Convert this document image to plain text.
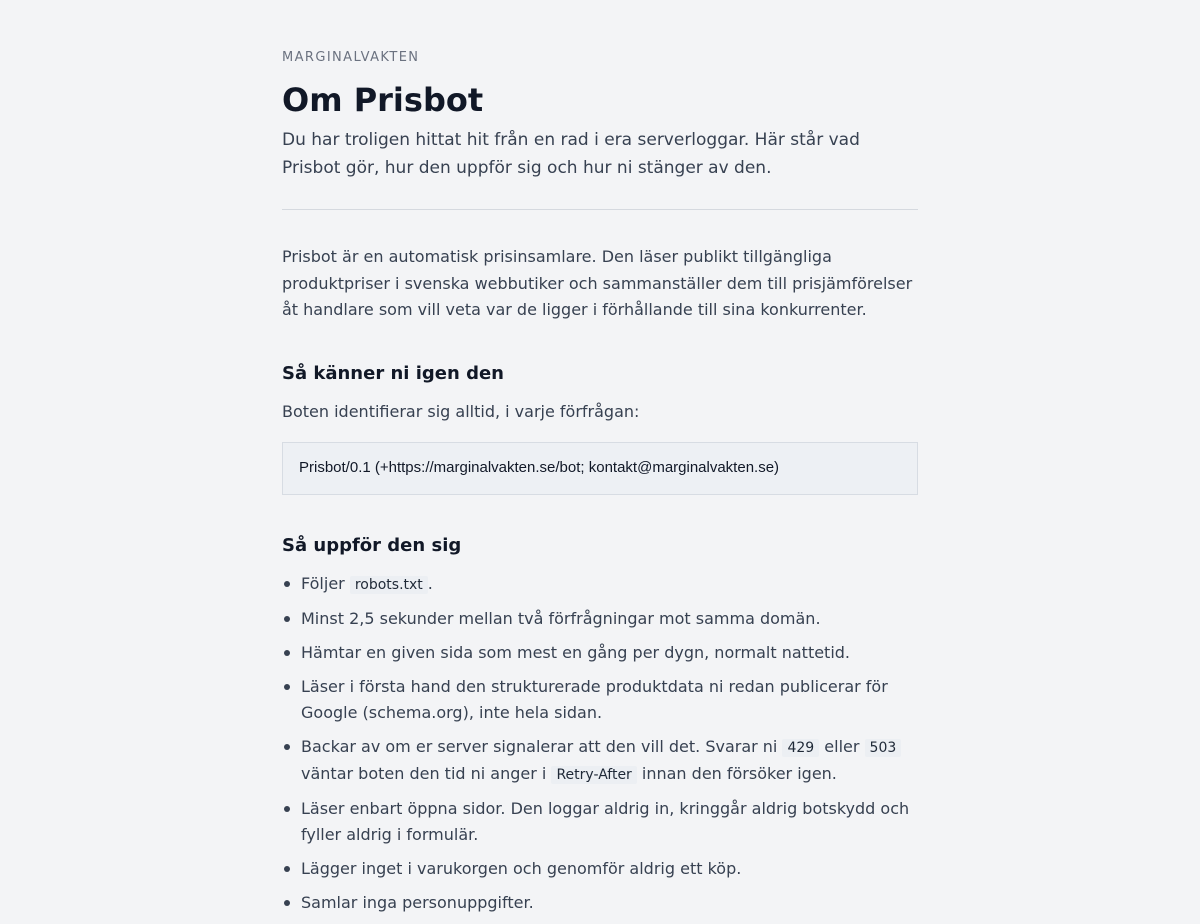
MARGINALVAKTEN
Om Prisbot

Du har troligen hittat hit från en rad i era serverloggar. Här står vad Prisbot gör, hur den uppför sig och hur ni stänger av den.

Prisbot är en automatisk prisinsamlare. Den läser publikt tillgängliga produktpriser i svenska webbutiker och sammanställer dem till prisjämförelser åt handlare som vill veta var de ligger i förhållande till sina konkurrenter.

Så känner ni igen den

Boten identifierar sig alltid, i varje förfrågan:

Prisbot/0.1 (+https://marginalvakten.se/bot; kontakt@marginalvakten.se)
Så uppför den sig
Följer robots.txt .
Minst 2,5 sekunder mellan två förfrågningar mot samma domän.
Hämtar en given sida som mest en gång per dygn, normalt nattetid.
Läser i första hand den strukturerade produktdata ni redan publicerar för Google (schema.org), inte hela sidan.
Backar av om er server signalerar att den vill det. Svarar ni 429 eller 503 väntar boten den tid ni anger i Retry-After innan den försöker igen.
Läser enbart öppna sidor. Den loggar aldrig in, kringgår aldrig botskydd och fyller aldrig i formulär.
Lägger inget i varukorgen och genomför aldrig ett köp.
Samlar inga personuppgifter.
